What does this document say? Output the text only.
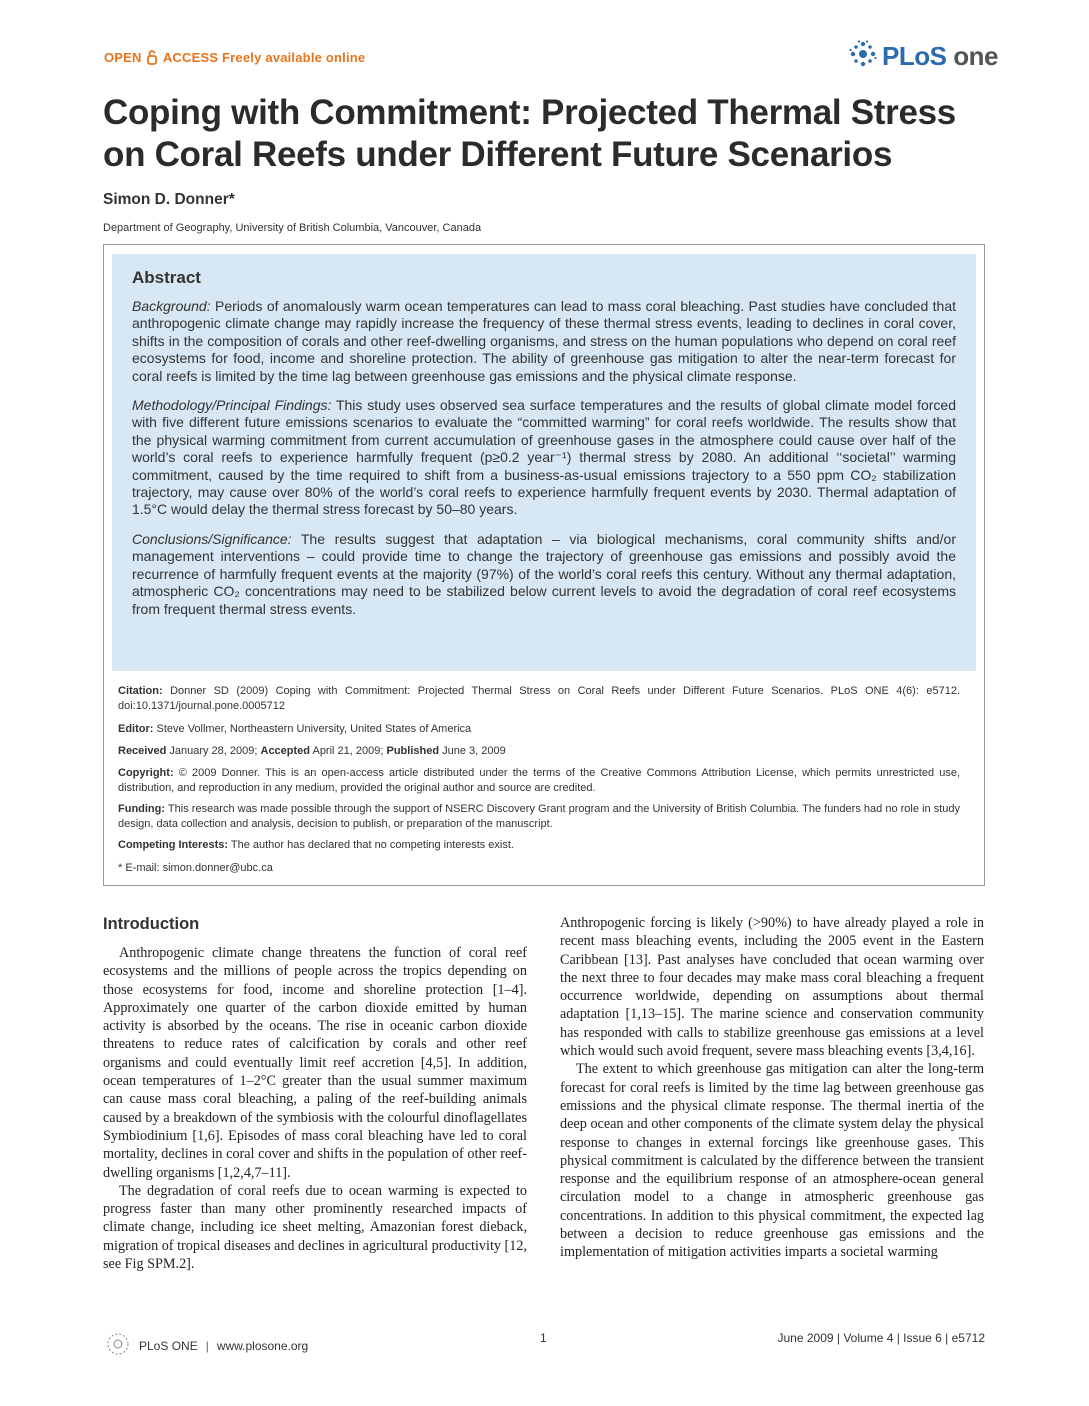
OPEN ACCESS Freely available online	PLoS one
Coping with Commitment: Projected Thermal Stress on Coral Reefs under Different Future Scenarios
Simon D. Donner*
Department of Geography, University of British Columbia, Vancouver, Canada
Abstract

Background: Periods of anomalously warm ocean temperatures can lead to mass coral bleaching. Past studies have concluded that anthropogenic climate change may rapidly increase the frequency of these thermal stress events, leading to declines in coral cover, shifts in the composition of corals and other reef-dwelling organisms, and stress on the human populations who depend on coral reef ecosystems for food, income and shoreline protection. The ability of greenhouse gas mitigation to alter the near-term forecast for coral reefs is limited by the time lag between greenhouse gas emissions and the physical climate response.

Methodology/Principal Findings: This study uses observed sea surface temperatures and the results of global climate model forced with five different future emissions scenarios to evaluate the “committed warming” for coral reefs worldwide. The results show that the physical warming commitment from current accumulation of greenhouse gases in the atmosphere could cause over half of the world’s coral reefs to experience harmfully frequent (p≥0.2 year⁻¹) thermal stress by 2080. An additional ‘‘societal’’ warming commitment, caused by the time required to shift from a business-as-usual emissions trajectory to a 550 ppm CO₂ stabilization trajectory, may cause over 80% of the world’s coral reefs to experience harmfully frequent events by 2030. Thermal adaptation of 1.5°C would delay the thermal stress forecast by 50–80 years.

Conclusions/Significance: The results suggest that adaptation – via biological mechanisms, coral community shifts and/or management interventions – could provide time to change the trajectory of greenhouse gas emissions and possibly avoid the recurrence of harmfully frequent events at the majority (97%) of the world’s coral reefs this century. Without any thermal adaptation, atmospheric CO₂ concentrations may need to be stabilized below current levels to avoid the degradation of coral reef ecosystems from frequent thermal stress events.

Citation: Donner SD (2009) Coping with Commitment: Projected Thermal Stress on Coral Reefs under Different Future Scenarios. PLoS ONE 4(6): e5712. doi:10.1371/journal.pone.0005712
Editor: Steve Vollmer, Northeastern University, United States of America
Received January 28, 2009; Accepted April 21, 2009; Published June 3, 2009
Copyright: © 2009 Donner. This is an open-access article distributed under the terms of the Creative Commons Attribution License, which permits unrestricted use, distribution, and reproduction in any medium, provided the original author and source are credited.
Funding: This research was made possible through the support of NSERC Discovery Grant program and the University of British Columbia. The funders had no role in study design, data collection and analysis, decision to publish, or preparation of the manuscript.
Competing Interests: The author has declared that no competing interests exist.
* E-mail: simon.donner@ubc.ca
Introduction

Anthropogenic climate change threatens the function of coral reef ecosystems and the millions of people across the tropics depending on those ecosystems for food, income and shoreline protection [1–4]. Approximately one quarter of the carbon dioxide emitted by human activity is absorbed by the oceans. The rise in oceanic carbon dioxide threatens to reduce rates of calcification by corals and other reef organisms and could eventually limit reef accretion [4,5]. In addition, ocean temperatures of 1–2°C greater than the usual summer maximum can cause mass coral bleaching, a paling of the reef-building animals caused by a breakdown of the symbiosis with the colourful dinoflagellates Symbiodinium [1,6]. Episodes of mass coral bleaching have led to coral mortality, declines in coral cover and shifts in the population of other reef-dwelling organisms [1,2,4,7–11].

The degradation of coral reefs due to ocean warming is expected to progress faster than many other prominently researched impacts of climate change, including ice sheet melting, Amazonian forest dieback, migration of tropical diseases and declines in agricultural productivity [12, see Fig SPM.2].

Anthropogenic forcing is likely (>90%) to have already played a role in recent mass bleaching events, including the 2005 event in the Eastern Caribbean [13]. Past analyses have concluded that ocean warming over the next three to four decades may make mass coral bleaching a frequent occurrence worldwide, depending on assumptions about thermal adaptation [1,13–15]. The marine science and conservation community has responded with calls to stabilize greenhouse gas emissions at a level which would such avoid frequent, severe mass bleaching events [3,4,16].

The extent to which greenhouse gas mitigation can alter the long-term forecast for coral reefs is limited by the time lag between greenhouse gas emissions and the physical climate response. The thermal inertia of the deep ocean and other components of the climate system delay the physical response to changes in external forcings like greenhouse gases. This physical commitment is calculated by the difference between the transient response and the equilibrium response of an atmosphere-ocean general circulation model to a change in atmospheric greenhouse gas concentrations. In addition to this physical commitment, the expected lag between a decision to reduce greenhouse gas emissions and the implementation of mitigation activities imparts a societal warming

PLoS ONE | www.plosone.org
1	June 2009 | Volume 4 | Issue 6 | e5712
